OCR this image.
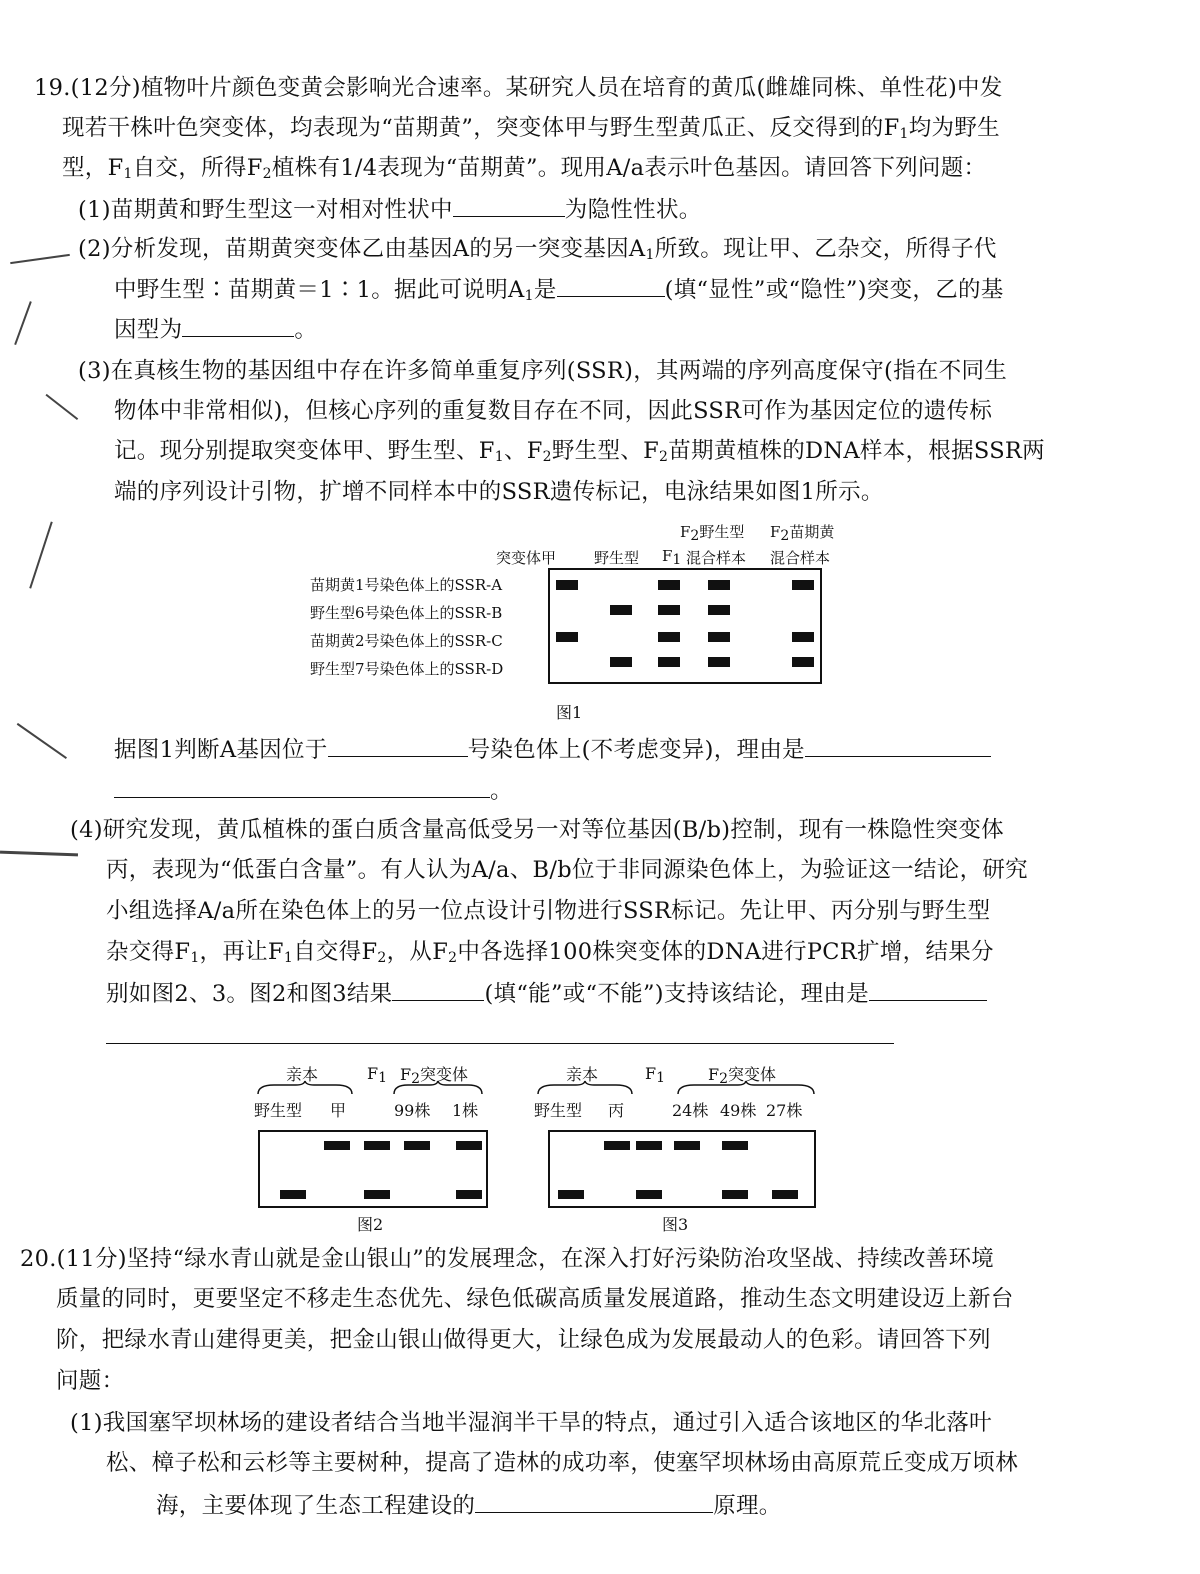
19.(12分)植物叶片颜色变黄会影响光合速率。某研究人员在培育的黄瓜(雌雄同株、单性花)中发
现若干株叶色突变体，均表现为“苗期黄”，突变体甲与野生型黄瓜正、反交得到的$F_1$均为野生
型，$F_1$自交，所得$F_2$植株有1/4表现为“苗期黄”。现用A/a表示叶色基因。请回答下列问题：
(1)苗期黄和野生型这一对相对性状中	为隐性性状。
(2)分析发现，苗期黄突变体乙由基因A的另一突变基因$A_1$所致。现让甲、乙杂交，所得子代
中野生型∶苗期黄＝1∶1。据此可说明$A_1$是	(填“显性”或“隐性”)突变，乙的基
因型为	。
(3)在真核生物的基因组中存在许多简单重复序列(SSR)，其两端的序列高度保守(指在不同生
物体中非常相似)，但核心序列的重复数目存在不同，因此SSR可作为基因定位的遗传标
记。现分别提取突变体甲、野生型、$F_1$、$F_2$野生型、$F_2$苗期黄植株的DNA样本，根据SSR两
端的序列设计引物，扩增不同样本中的SSR遗传标记，电泳结果如图1所示。
突变体甲	野生型 $F_1$
$F_2$野生型
混合样本
$F_2$苗期黄
混合样本
苗期黄1号染色体上的SSR-A
野生型6号染色体上的SSR-B
苗期黄2号染色体上的SSR-C
野生型7号染色体上的SSR-D
图1
据图1判断A基因位于	号染色体上(不考虑变异)，理由是
。
(4)研究发现，黄瓜植株的蛋白质含量高低受另一对等位基因(B/b)控制，现有一株隐性突变体
丙，表现为“低蛋白含量”。有人认为A/a、B/b位于非同源染色体上，为验证这一结论，研究
小组选择A/a所在染色体上的另一位点设计引物进行SSR标记。先让甲、丙分别与野生型
杂交得$F_1$，再让$F_1$自交得$F_2$，从$F_2$中各选择100株突变体的DNA进行PCR扩增，结果分
别如图2、3。图2和图3结果	(填“能”或“不能”)支持该结论，理由是
亲本	$F_1$ $F_2$突变体
野生型 甲	99株 1株
图2
亲本	$F_1$	$F_2$突变体
野生型 丙	24株 49株 27株
图3
20.(11分)坚持“绿水青山就是金山银山”的发展理念，在深入打好污染防治攻坚战、持续改善环境
质量的同时，更要坚定不移走生态优先、绿色低碳高质量发展道路，推动生态文明建设迈上新台
阶，把绿水青山建得更美，把金山银山做得更大，让绿色成为发展最动人的色彩。请回答下列
问题：
(1)我国塞罕坝林场的建设者结合当地半湿润半干旱的特点，通过引入适合该地区的华北落叶
松、樟子松和云杉等主要树种，提高了造林的成功率，使塞罕坝林场由高原荒丘变成万顷林
海，主要体现了生态工程建设的	原理。
